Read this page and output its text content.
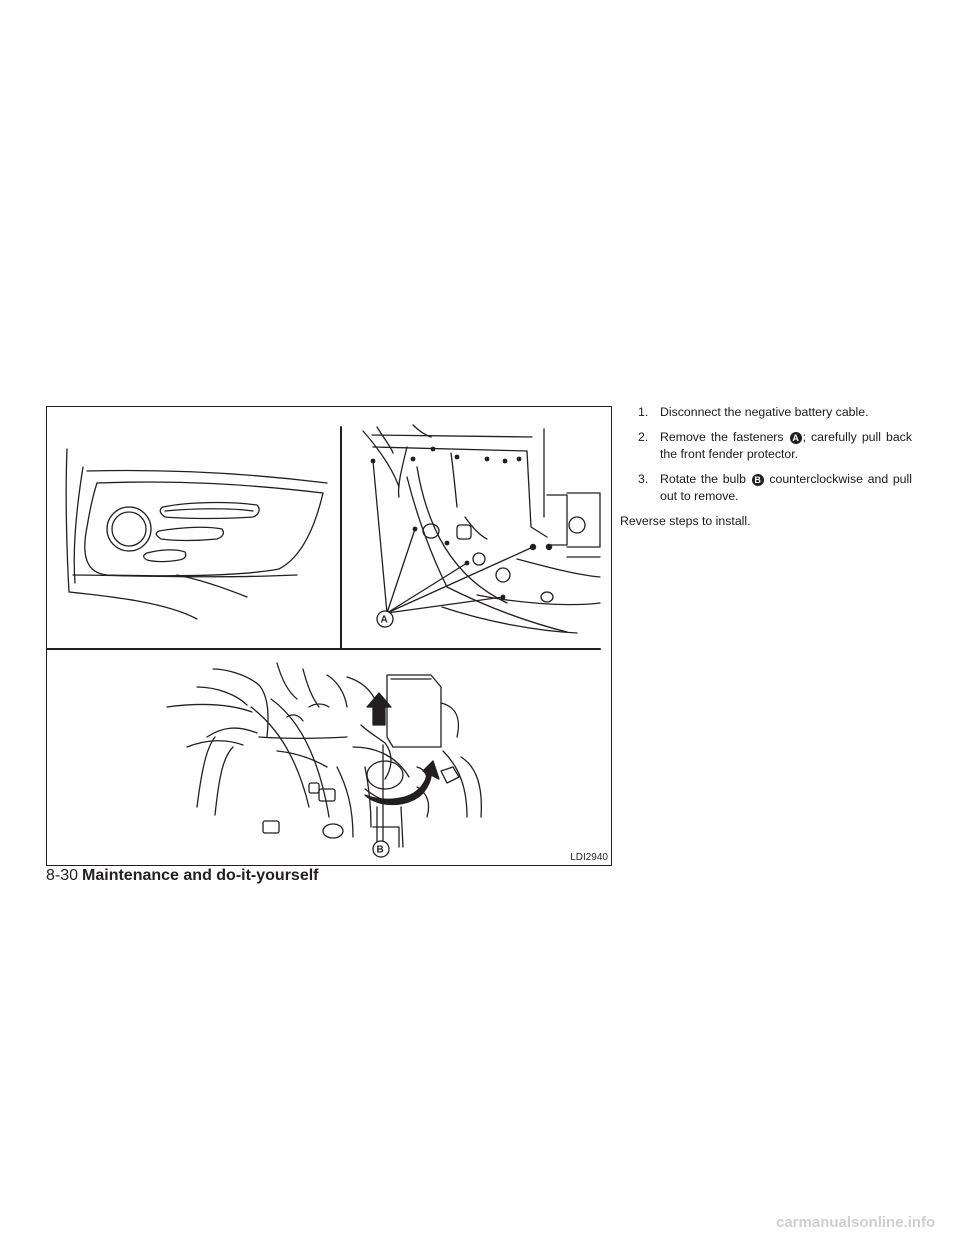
A
B
LDI2940
1. Disconnect the negative battery cable.
2. Remove the fasteners A ; carefully pull back the front fender protector.
3. Rotate the bulb B counterclockwise and pull out to remove.
Reverse steps to install.
8-30 Maintenance and do-it-yourself
carmanualsonline.info
